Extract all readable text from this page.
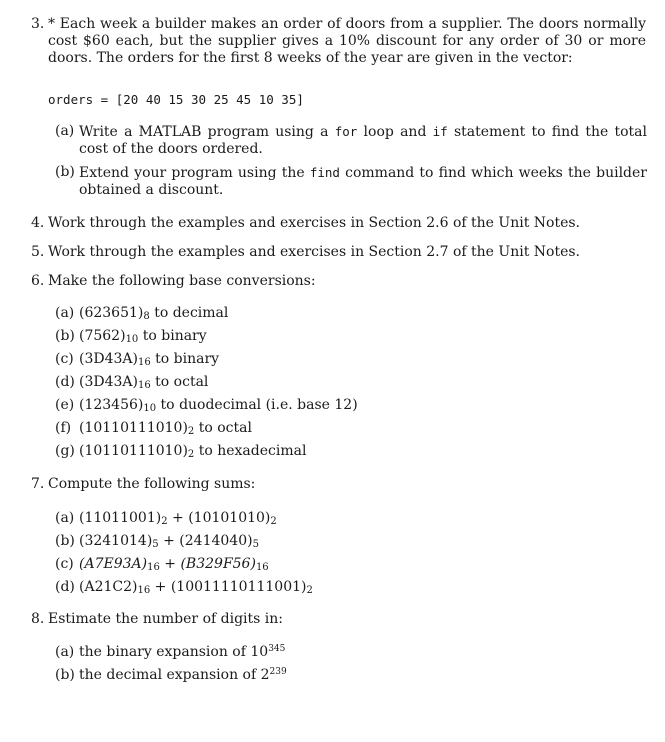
3. * Each week a builder makes an order of doors from a supplier. The doors normally cost $60 each, but the supplier gives a 10% discount for any order of 30 or more doors. The orders for the first 8 weeks of the year are given in the vector:
orders = [20 40 15 30 25 45 10 35]
(a) Write a MATLAB program using a for loop and if statement to find the total cost of the doors ordered.
(b) Extend your program using the find command to find which weeks the builder obtained a discount.
4. Work through the examples and exercises in Section 2.6 of the Unit Notes.
5. Work through the examples and exercises in Section 2.7 of the Unit Notes.
6. Make the following base conversions:
(a) $(623651)_8$ to decimal
(b) $(7562)_{10}$ to binary
(c) $(3D43A)_{16}$ to binary
(d) $(3D43A)_{16}$ to octal
(e) $(123456)_{10}$ to duodecimal (i.e. base 12)
(f) $(10110111010)_2$ to octal
(g) $(10110111010)_2$ to hexadecimal
7. Compute the following sums:
(a) $(11011001)_2 + (10101010)_2$
(b) $(3241014)_5 + (2414040)_5$
(c) $(A7E93A)_{16} + (B329F56)_{16}$
(d) $(A21C2)_{16} + (10011110111001)_2$
8. Estimate the number of digits in:
(a) the binary expansion of $10^{345}$
(b) the decimal expansion of $2^{239}$
